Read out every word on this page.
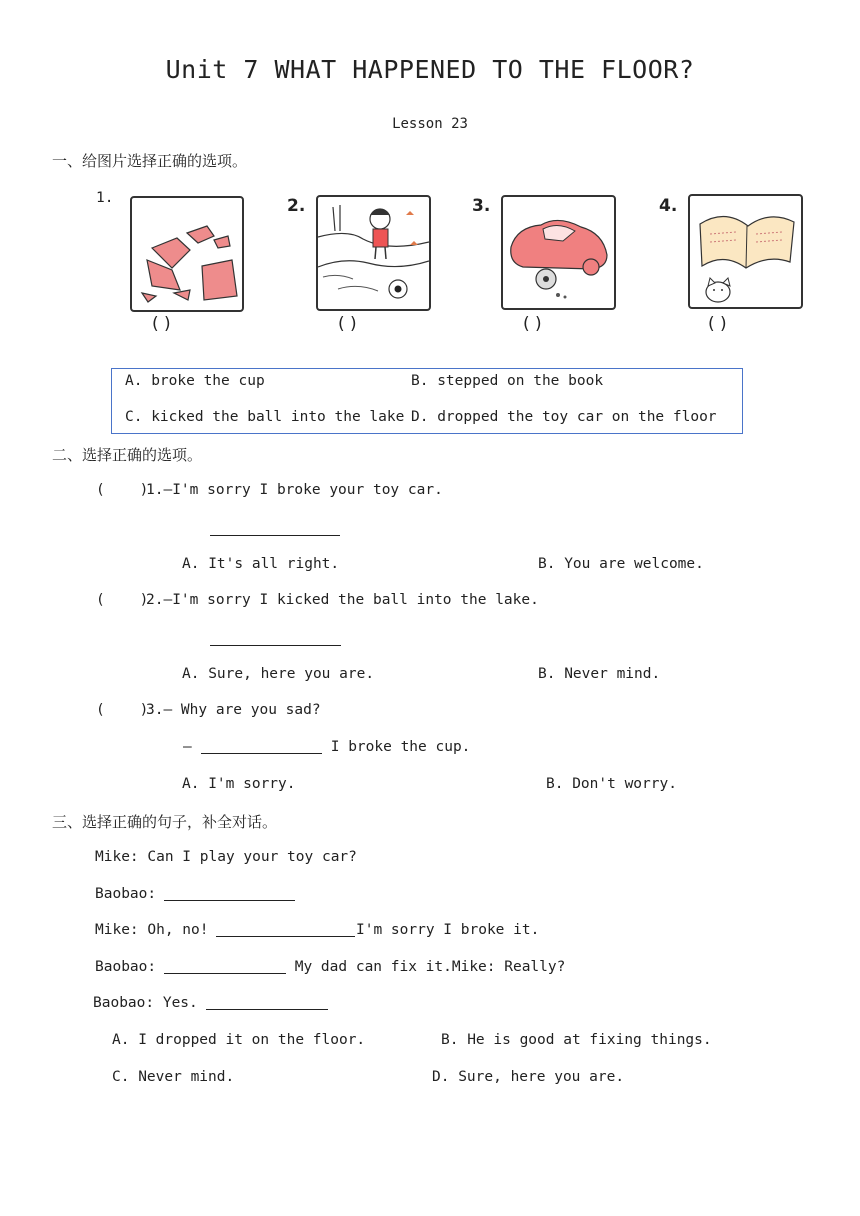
Unit 7 WHAT HAPPENED TO THE FLOOR?
Lesson 23
一、给图片选择正确的选项。
1.
( )
2.
( )
3.
( )
4.
( )
A. broke the cup	B. stepped on the book
C. kicked the ball into the lake D. dropped the toy car on the floor
二、选择正确的选项。
(    )
1.—I'm sorry I broke your toy car.
A. It's all right.	B. You are welcome.
(    )
2.—I'm sorry I kicked the ball into the lake.
A. Sure, here you are.	B. Never mind.
(    )
3.— Why are you sad?
—	I broke the cup.
A. I'm sorry.	B. Don't worry.
三、选择正确的句子，补全对话。
Mike: Can I play your toy car?
Baobao:
Mike: Oh, no!	I'm sorry I broke it.
Baobao:	My dad can fix it.Mike: Really?
Baobao: Yes.
A. I dropped it on the floor.	B. He is good at fixing things.
C. Never mind.	D. Sure, here you are.
